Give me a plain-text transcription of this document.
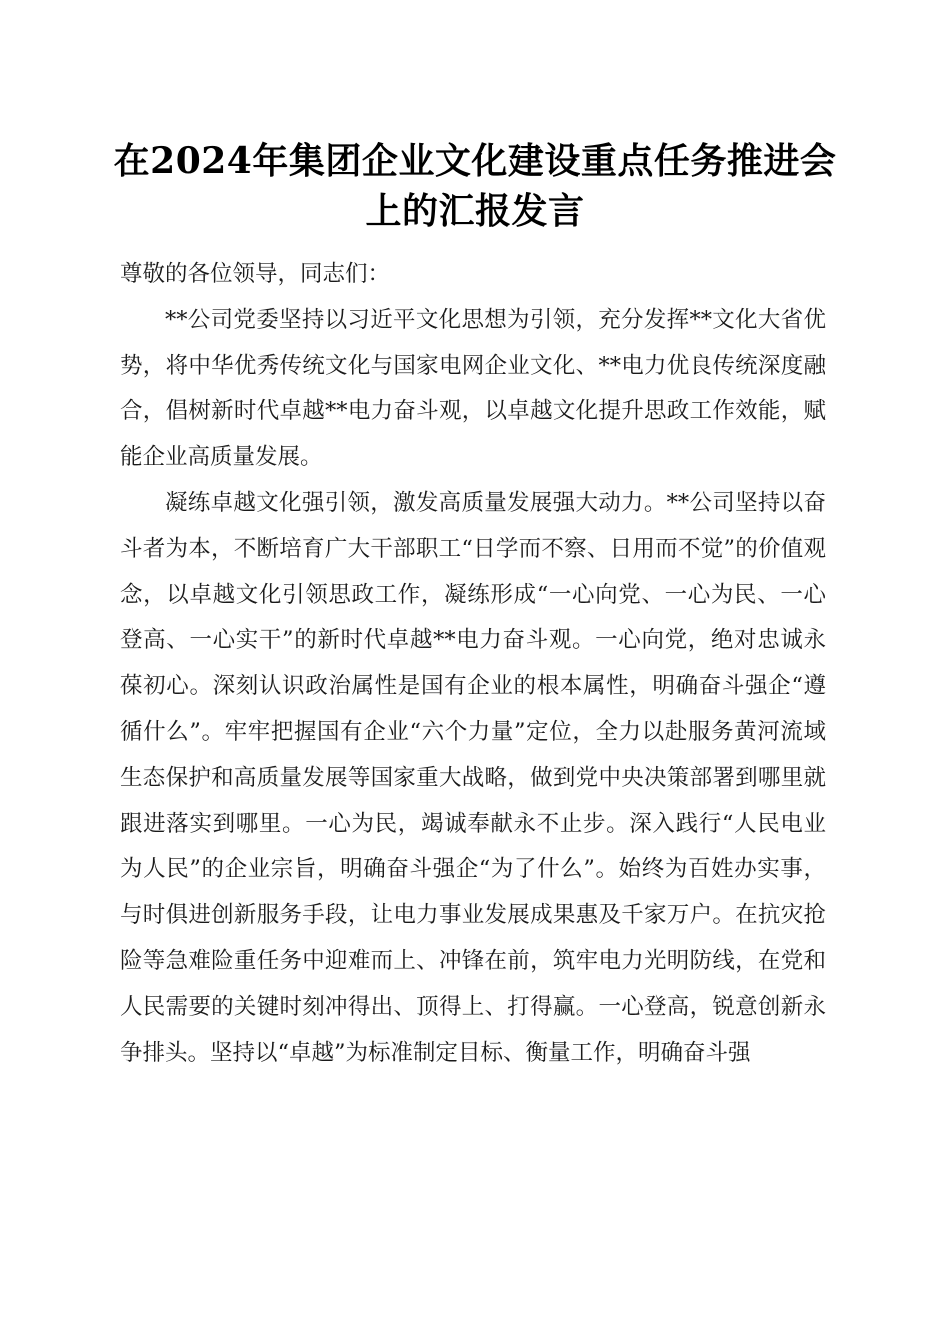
在2024年集团企业文化建设重点任务推进会
上的汇报发言

尊敬的各位领导，同志们：

**公司党委坚持以习近平文化思想为引领，充分发挥**文化大省优势，将中华优秀传统文化与国家电网企业文化、**电力优良传统深度融合，倡树新时代卓越**电力奋斗观，以卓越文化提升思政工作效能，赋能企业高质量发展。

凝练卓越文化强引领，激发高质量发展强大动力。**公司坚持以奋斗者为本，不断培育广大干部职工“日学而不察、日用而不觉”的价值观念，以卓越文化引领思政工作，凝练形成“一心向党、一心为民、一心登高、一心实干”的新时代卓越**电力奋斗观。一心向党，绝对忠诚永葆初心。深刻认识政治属性是国有企业的根本属性，明确奋斗强企“遵循什么”。牢牢把握国有企业“六个力量”定位，全力以赴服务黄河流域生态保护和高质量发展等国家重大战略，做到党中央决策部署到哪里就跟进落实到哪里。一心为民，竭诚奉献永不止步。深入践行“人民电业为人民”的企业宗旨，明确奋斗强企“为了什么”。始终为百姓办实事，与时俱进创新服务手段，让电力事业发展成果惠及千家万户。在抗灾抢险等急难险重任务中迎难而上、冲锋在前，筑牢电力光明防线，在党和人民需要的关键时刻冲得出、顶得上、打得赢。一心登高，锐意创新永争排头。坚持以“卓越”为标准制定目标、衡量工作，明确奋斗强
